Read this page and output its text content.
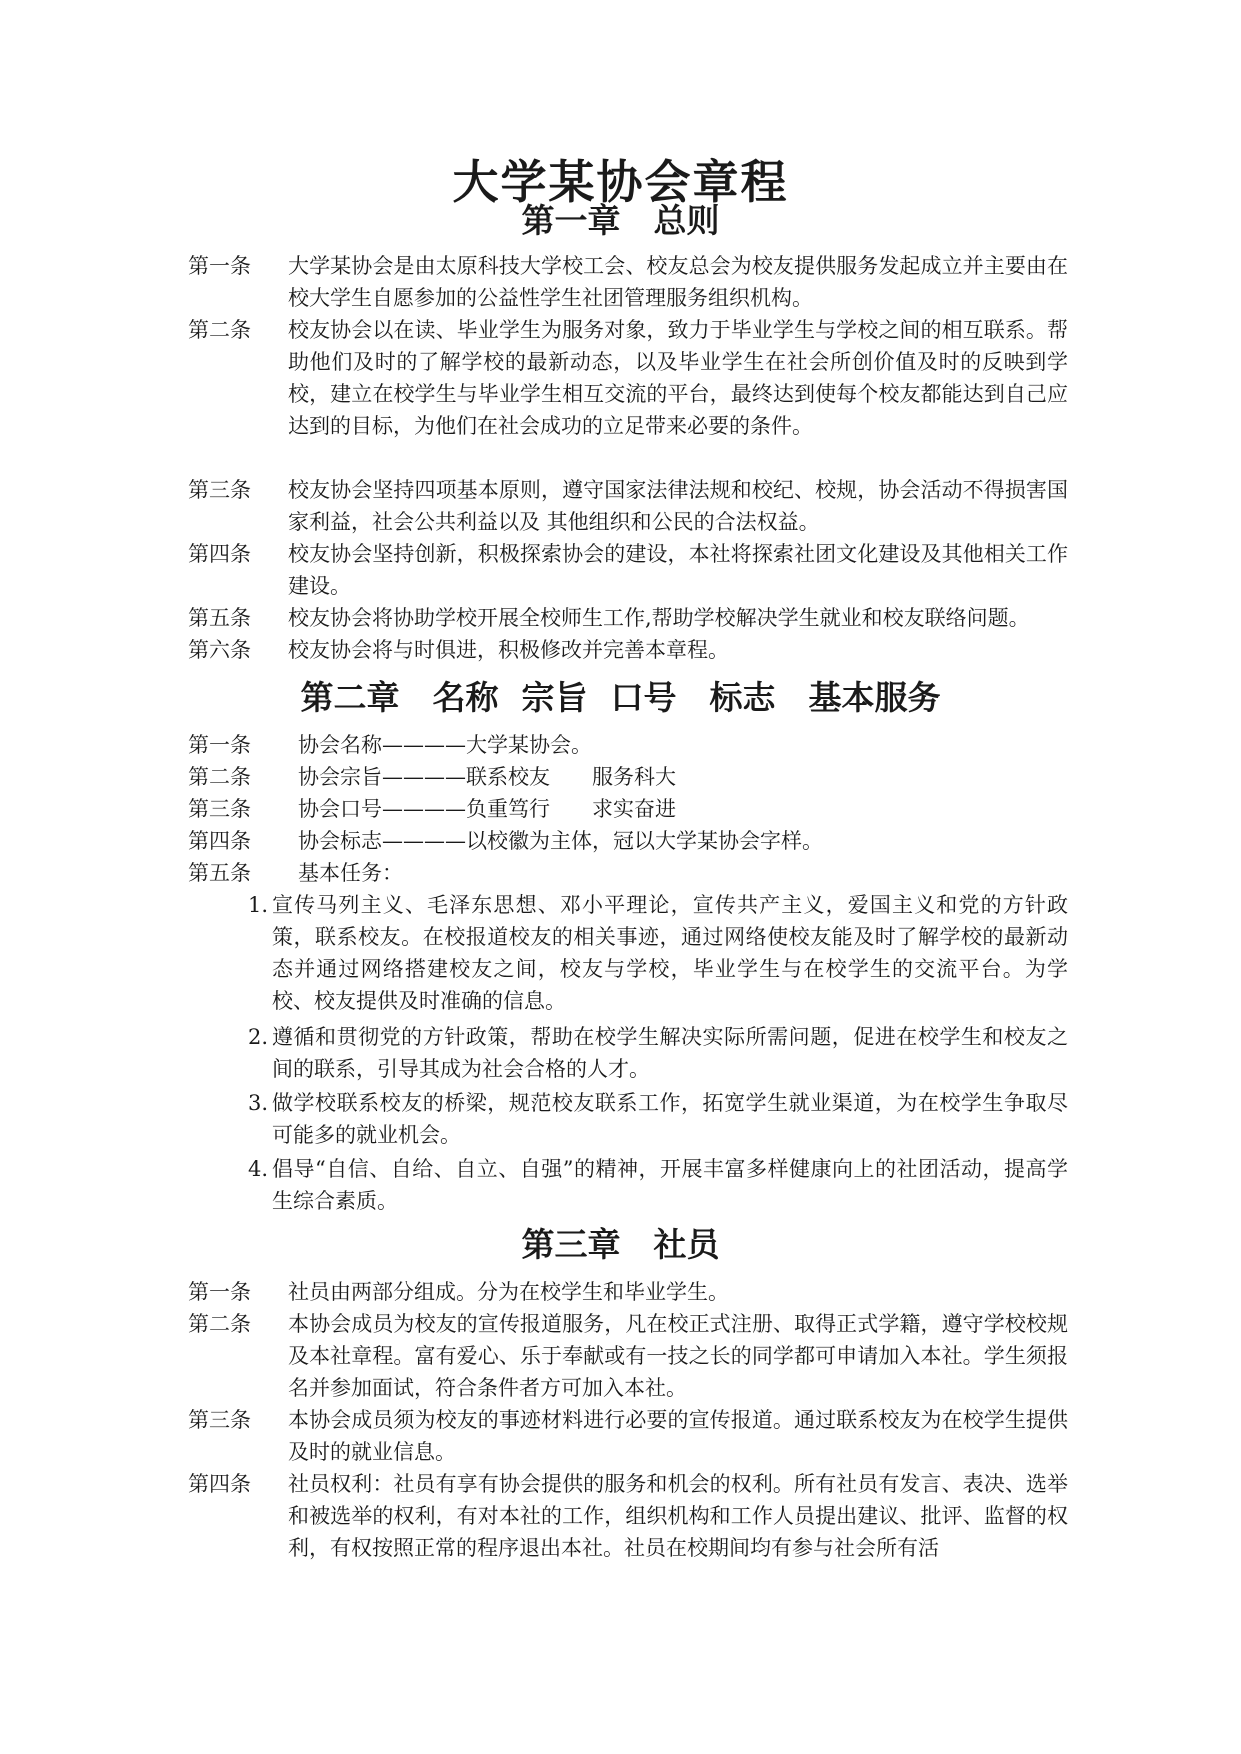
大学某协会章程
第一章　总则
第一条	大学某协会是由太原科技大学校工会、校友总会为校友提供服务发起成立并主要由在校大学生自愿参加的公益性学生社团管理服务组织机构。
第二条	校友协会以在读、毕业学生为服务对象，致力于毕业学生与学校之间的相互联系。帮助他们及时的了解学校的最新动态，以及毕业学生在社会所创价值及时的反映到学校，建立在校学生与毕业学生相互交流的平台，最终达到使每个校友都能达到自己应达到的目标，为他们在社会成功的立足带来必要的条件。
第三条	校友协会坚持四项基本原则，遵守国家法律法规和校纪、校规，协会活动不得损害国家利益，社会公共利益以及 其他组织和公民的合法权益。
第四条	校友协会坚持创新，积极探索协会的建设，本社将探索社团文化建设及其他相关工作建设。
第五条	校友协会将协助学校开展全校师生工作,帮助学校解决学生就业和校友联络问题。
第六条	校友协会将与时俱进，积极修改并完善本章程。
第二章　名称  宗旨  口号　标志　基本服务
第一条	协会名称————大学某协会。
第二条	协会宗旨————联系校友　　服务科大
第三条	协会口号————负重笃行　　求实奋进
第四条	协会标志————以校徽为主体，冠以大学某协会字样。
第五条	基本任务：
1. 宣传马列主义、毛泽东思想、邓小平理论，宣传共产主义，爱国主义和党的方针政策，联系校友。在校报道校友的相关事迹，通过网络使校友能及时了解学校的最新动态并通过网络搭建校友之间，校友与学校，毕业学生与在校学生的交流平台。为学校、校友提供及时准确的信息。
2. 遵循和贯彻党的方针政策，帮助在校学生解决实际所需问题，促进在校学生和校友之间的联系，引导其成为社会合格的人才。
3. 做学校联系校友的桥梁，规范校友联系工作，拓宽学生就业渠道，为在校学生争取尽可能多的就业机会。
4. 倡导“自信、自给、自立、自强”的精神，开展丰富多样健康向上的社团活动，提高学生综合素质。
第三章　社员
第一条	社员由两部分组成。分为在校学生和毕业学生。
第二条	本协会成员为校友的宣传报道服务，凡在校正式注册、取得正式学籍，遵守学校校规及本社章程。富有爱心、乐于奉献或有一技之长的同学都可申请加入本社。学生须报名并参加面试，符合条件者方可加入本社。
第三条	本协会成员须为校友的事迹材料进行必要的宣传报道。通过联系校友为在校学生提供及时的就业信息。
第四条	社员权利：社员有享有协会提供的服务和机会的权利。所有社员有发言、表决、选举和被选举的权利，有对本社的工作，组织机构和工作人员提出建议、批评、监督的权利，有权按照正常的程序退出本社。社员在校期间均有参与社会所有活
